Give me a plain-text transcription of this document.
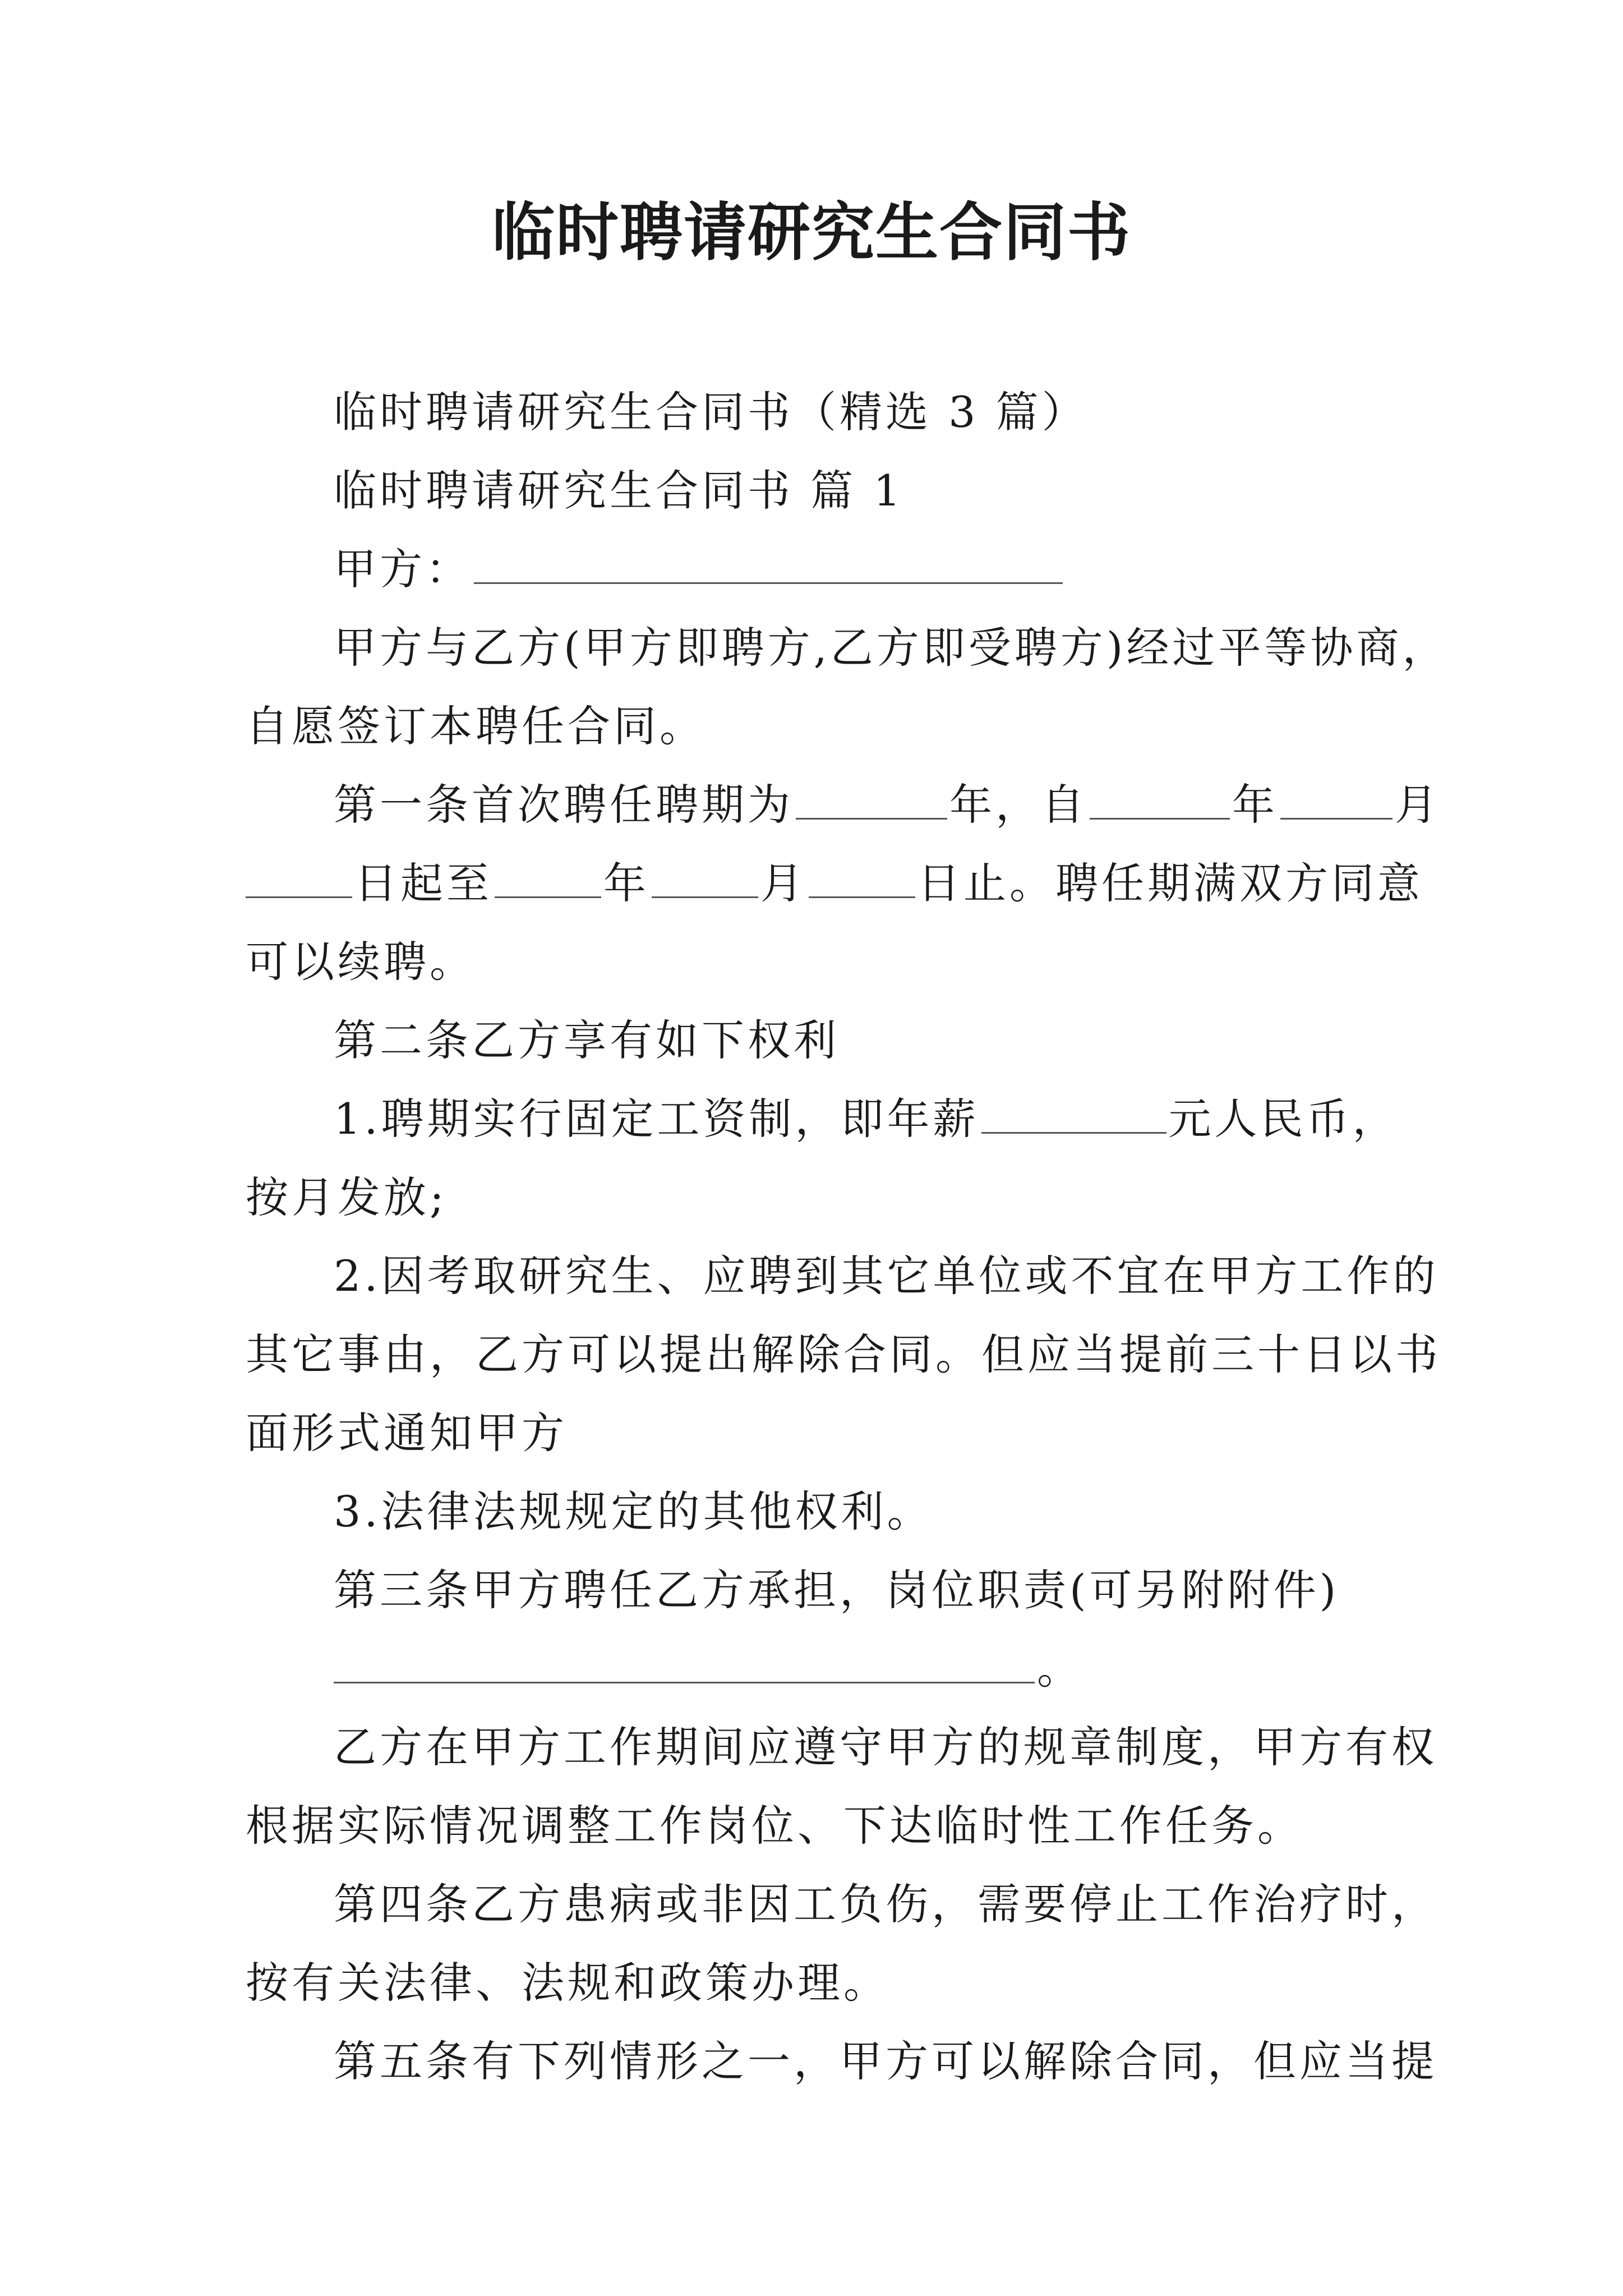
临时聘请研究生合同书
临时聘请研究生合同书（精选 3 篇）
临时聘请研究生合同书 篇 1
甲方：
甲方与乙方(甲方即聘方,乙方即受聘方)经过平等协商，
自愿签订本聘任合同。
第一条首次聘任聘期为	年，自	年	月
日起至	年	月	日止。聘任期满双方同意
可以续聘。
第二条乙方享有如下权利
1.聘期实行固定工资制，即年薪	元人民币，
按月发放;
2.因考取研究生、应聘到其它单位或不宜在甲方工作的
其它事由，乙方可以提出解除合同。但应当提前三十日以书
面形式通知甲方
3.法律法规规定的其他权利。
第三条甲方聘任乙方承担，岗位职责(可另附附件)
。
乙方在甲方工作期间应遵守甲方的规章制度，甲方有权
根据实际情况调整工作岗位、下达临时性工作任务。
第四条乙方患病或非因工负伤，需要停止工作治疗时，
按有关法律、法规和政策办理。
第五条有下列情形之一，甲方可以解除合同，但应当提
